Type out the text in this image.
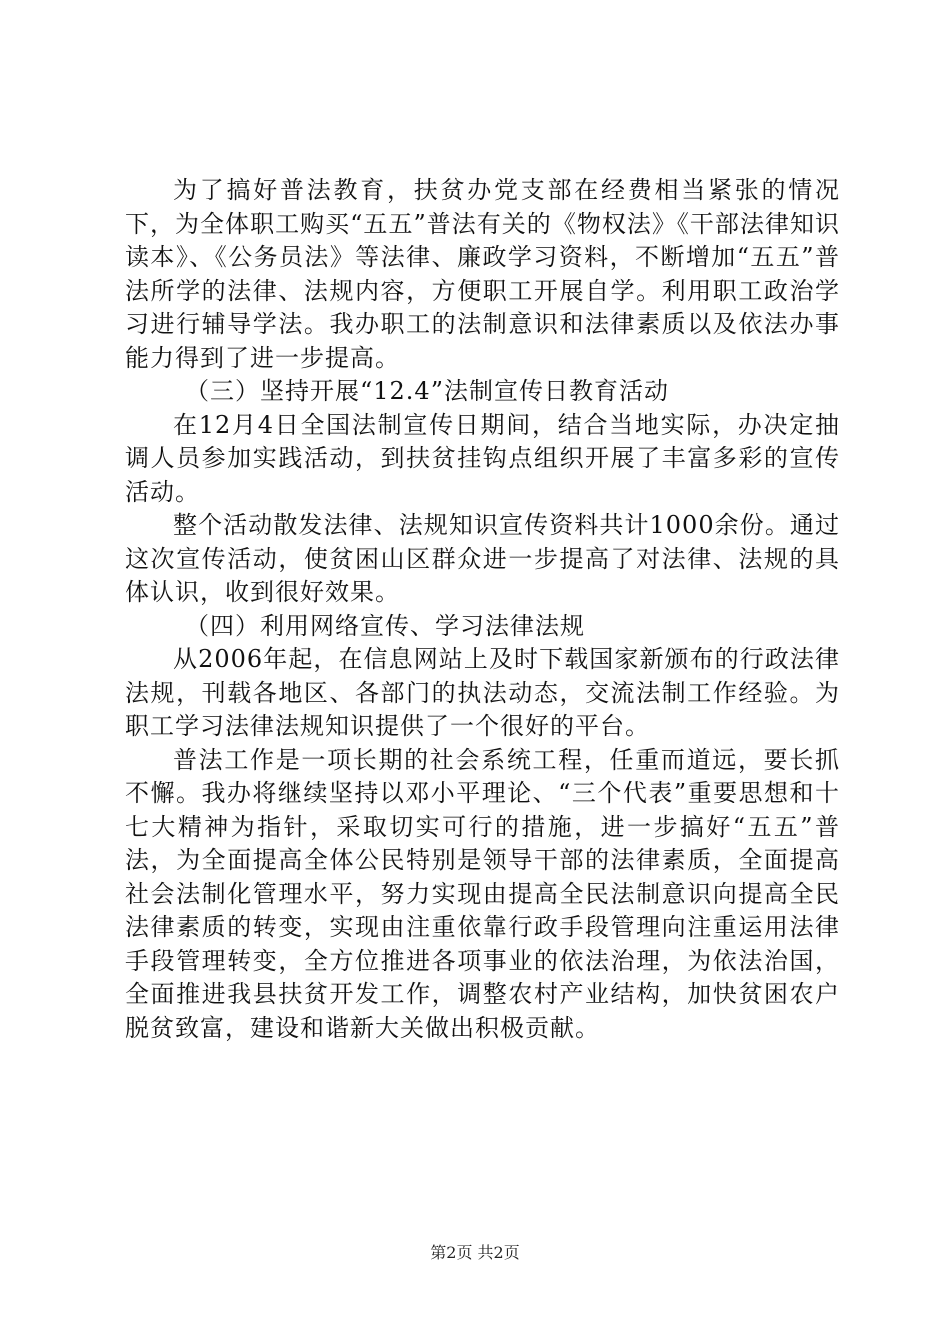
为了搞好普法教育，扶贫办党支部在经费相当紧张的情况下，为全体职工购买“五五”普法有关的《物权法》《干部法律知识读本》、《公务员法》等法律、廉政学习资料，不断增加“五五”普法所学的法律、法规内容，方便职工开展自学。利用职工政治学习进行辅导学法。我办职工的法制意识和法律素质以及依法办事能力得到了进一步提高。

（三）坚持开展“12.4”法制宣传日教育活动

在12月4日全国法制宣传日期间，结合当地实际，办决定抽调人员参加实践活动，到扶贫挂钩点组织开展了丰富多彩的宣传活动。

整个活动散发法律、法规知识宣传资料共计1000余份。通过这次宣传活动，使贫困山区群众进一步提高了对法律、法规的具体认识，收到很好效果。

（四）利用网络宣传、学习法律法规

从2006年起，在信息网站上及时下载国家新颁布的行政法律法规，刊载各地区、各部门的执法动态，交流法制工作经验。为职工学习法律法规知识提供了一个很好的平台。

普法工作是一项长期的社会系统工程，任重而道远，要长抓不懈。我办将继续坚持以邓小平理论、“三个代表”重要思想和十七大精神为指针，采取切实可行的措施，进一步搞好“五五”普法，为全面提高全体公民特别是领导干部的法律素质，全面提高社会法制化管理水平，努力实现由提高全民法制意识向提高全民法律素质的转变，实现由注重依靠行政手段管理向注重运用法律手段管理转变，全方位推进各项事业的依法治理，为依法治国，全面推进我县扶贫开发工作，调整农村产业结构，加快贫困农户脱贫致富，建设和谐新大关做出积极贡献。

第2页 共2页
